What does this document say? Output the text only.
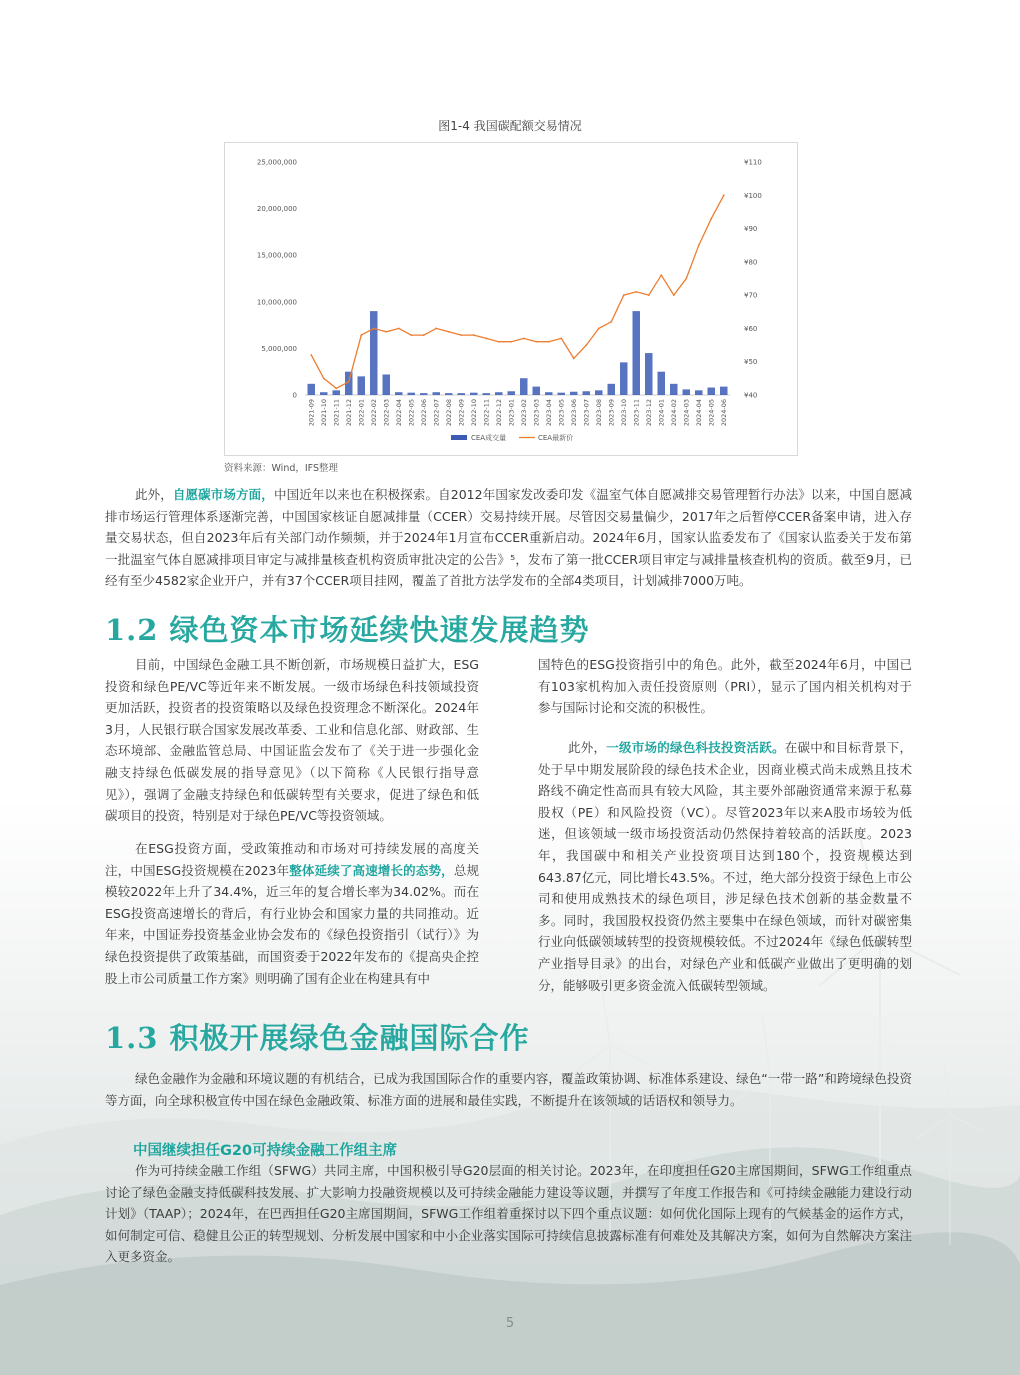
图1-4 我国碳配额交易情况
0
5,000,000
10,000,000
15,000,000
20,000,000
25,000,000
¥40
¥50
¥60
¥70
¥80
¥90
¥100
¥110
2021-09 2021-10 2021-11 2021-12 2022-01 2022-02 2022-03 2022-04 2022-05 2022-06 2022-07 2022-08 2022-09 2022-10 2022-11 2022-12 2023-01 2023-02 2023-03 2023-04 2023-05 2023-06 2023-07 2023-08 2023-09 2023-10 2023-11 2023-12 2024-01 2024-02 2024-03 2024-04 2024-05 2024-06
CEA成交量	CEA最新价
资料来源：Wind，IFS整理

此外，自愿碳市场方面，中国近年以来也在积极探索。自2012年国家发改委印发《温室气体自愿减排交易管理暂行办法》以来，中国自愿减排市场运行管理体系逐渐完善，中国国家核证自愿减排量（CCER）交易持续开展。尽管因交易量偏少，2017年之后暂停CCER备案申请，进入存量交易状态，但自2023年后有关部门动作频频，并于2024年1月宣布CCER重新启动。2024年6月，国家认监委发布了《国家认监委关于发布第一批温室气体自愿减排项目审定与减排量核查机构资质审批决定的公告》⁵，发布了第一批CCER项目审定与减排量核查机构的资质。截至9月，已经有至少4582家企业开户，并有37个CCER项目挂网，覆盖了首批方法学发布的全部4类项目，计划减排7000万吨。

1.2 绿色资本市场延续快速发展趋势

目前，中国绿色金融工具不断创新，市场规模日益扩大，ESG投资和绿色PE/VC等近年来不断发展。一级市场绿色科技领域投资更加活跃，投资者的投资策略以及绿色投资理念不断深化。2024年3月，人民银行联合国家发展改革委、工业和信息化部、财政部、生态环境部、金融监管总局、中国证监会发布了《关于进一步强化金融支持绿色低碳发展的指导意见》（以下简称《人民银行指导意见》），强调了金融支持绿色和低碳转型有关要求，促进了绿色和低碳项目的投资，特别是对于绿色PE/VC等投资领域。

在ESG投资方面，受政策推动和市场对可持续发展的高度关注，中国ESG投资规模在2023年整体延续了高速增长的态势，总规模较2022年上升了34.4%，近三年的复合增长率为34.02%。而在ESG投资高速增长的背后，有行业协会和国家力量的共同推动。近年来，中国证券投资基金业协会发布的《绿色投资指引（试行）》为绿色投资提供了政策基础，而国资委于2022年发布的《提高央企控股上市公司质量工作方案》则明确了国有企业在构建具有中

国特色的ESG投资指引中的角色。此外，截至2024年6月，中国已有103家机构加入责任投资原则（PRI），显示了国内相关机构对于参与国际讨论和交流的积极性。

此外，一级市场的绿色科技投资活跃。在碳中和目标背景下，处于早中期发展阶段的绿色技术企业，因商业模式尚未成熟且技术路线不确定性高而具有较大风险，其主要外部融资通常来源于私募股权（PE）和风险投资（VC）。尽管2023年以来A股市场较为低迷，但该领域一级市场投资活动仍然保持着较高的活跃度。2023年，我国碳中和相关产业投资项目达到180个，投资规模达到643.87亿元，同比增长43.5%。不过，绝大部分投资于绿色上市公司和使用成熟技术的绿色项目，涉足绿色技术创新的基金数量不多。同时，我国股权投资仍然主要集中在绿色领域，而针对碳密集行业向低碳领域转型的投资规模较低。不过2024年《绿色低碳转型产业指导目录》的出台，对绿色产业和低碳产业做出了更明确的划分，能够吸引更多资金流入低碳转型领域。

1.3 积极开展绿色金融国际合作

绿色金融作为金融和环境议题的有机结合，已成为我国国际合作的重要内容，覆盖政策协调、标准体系建设、绿色“一带一路”和跨境绿色投资等方面，向全球积极宣传中国在绿色金融政策、标准方面的进展和最佳实践，不断提升在该领域的话语权和领导力。

中国继续担任G20可持续金融工作组主席

作为可持续金融工作组（SFWG）共同主席，中国积极引导G20层面的相关讨论。2023年，在印度担任G20主席国期间，SFWG工作组重点讨论了绿色金融支持低碳科技发展、扩大影响力投融资规模以及可持续金融能力建设等议题，并撰写了年度工作报告和《可持续金融能力建设行动计划》（TAAP）；2024年，在巴西担任G20主席国期间，SFWG工作组着重探讨以下四个重点议题：如何优化国际上现有的气候基金的运作方式，如何制定可信、稳健且公正的转型规划、分析发展中国家和中小企业落实国际可持续信息披露标准有何难处及其解决方案，如何为自然解决方案注入更多资金。

5
